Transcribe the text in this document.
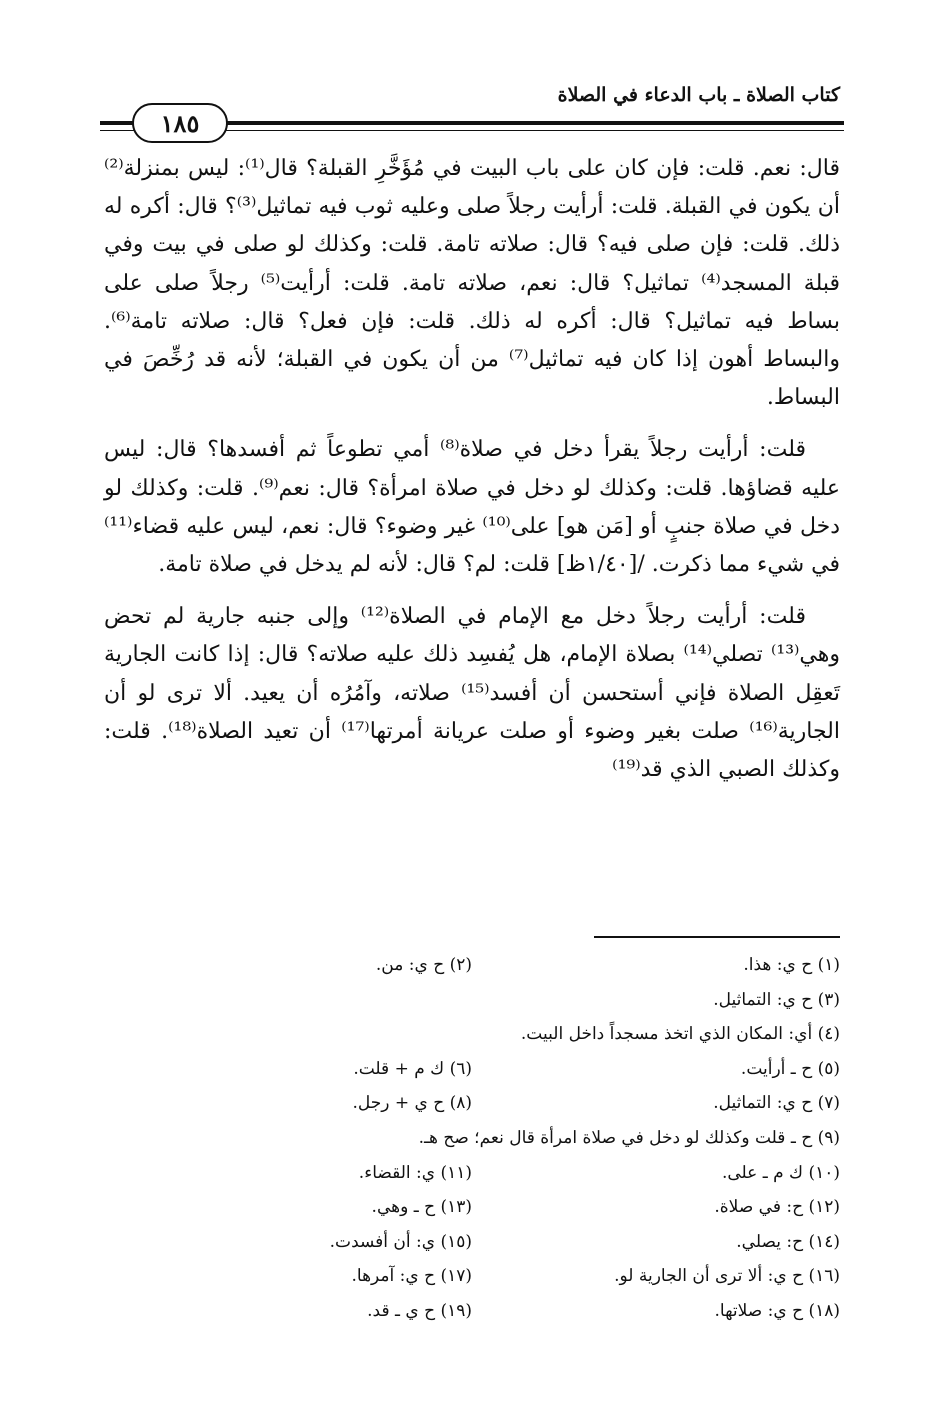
كتاب الصلاة ـ باب الدعاء في الصلاة
١٨٥

قال: نعم. قلت: فإن كان على باب البيت في مُؤَخَّرِ القبلة؟ قال⁽¹⁾: ليس بمنزلة⁽²⁾ أن يكون في القبلة. قلت: أرأيت رجلاً صلى وعليه ثوب فيه تماثيل⁽³⁾؟ قال: أكره له ذلك. قلت: فإن صلى فيه؟ قال: صلاته تامة. قلت: وكذلك لو صلى في بيت وفي قبلة المسجد⁽⁴⁾ تماثيل؟ قال: نعم، صلاته تامة. قلت: أرأيت⁽⁵⁾ رجلاً صلى على بساط فيه تماثيل؟ قال: أكره له ذلك. قلت: فإن فعل؟ قال: صلاته تامة⁽⁶⁾. والبساط أهون إذا كان فيه تماثيل⁽⁷⁾ من أن يكون في القبلة؛ لأنه قد رُخِّصَ في البساط.

قلت: أرأيت رجلاً يقرأ دخل في صلاة⁽⁸⁾ أمي تطوعاً ثم أفسدها؟ قال: ليس عليه قضاؤها. قلت: وكذلك لو دخل في صلاة امرأة؟ قال: نعم⁽⁹⁾. قلت: وكذلك لو دخل في صلاة جنبٍ أو [مَن هو] على⁽¹⁰⁾ غير وضوء؟ قال: نعم، ليس عليه قضاء⁽¹¹⁾ في شيء مما ذكرت. /[١/٤٠ظ] قلت: لم؟ قال: لأنه لم يدخل في صلاة تامة.

قلت: أرأيت رجلاً دخل مع الإمام في الصلاة⁽¹²⁾ وإلى جنبه جارية لم تحض وهي⁽¹³⁾ تصلي⁽¹⁴⁾ بصلاة الإمام، هل يُفسِد ذلك عليه صلاته؟ قال: إذا كانت الجارية تَعقِل الصلاة فإني أستحسن أن أفسد⁽¹⁵⁾ صلاته، وآمُرُه أن يعيد. ألا ترى لو أن الجارية⁽¹⁶⁾ صلت بغير وضوء أو صلت عريانة أمرتها⁽¹⁷⁾ أن تعيد الصلاة⁽¹⁸⁾. قلت: وكذلك الصبي الذي قد⁽¹⁹⁾

(١) ح ي: هذا.
(٢) ح ي: من.
(٣) ح ي: التماثيل.
(٤) أي: المكان الذي اتخذ مسجداً داخل البيت.
(٥) ح ـ أرأيت.
(٦) ك م + قلت.
(٧) ح ي: التماثيل.
(٨) ح ي + رجل.
(٩) ح ـ قلت وكذلك لو دخل في صلاة امرأة قال نعم؛ صح هـ.
(١٠) ك م ـ على.
(١١) ي: القضاء.
(١٢) ح: في صلاة.
(١٣) ح ـ وهي.
(١٤) ح: يصلي.
(١٥) ي: أن أفسدت.
(١٦) ح ي: ألا ترى أن الجارية لو.
(١٧) ح ي: آمرها.
(١٨) ح ي: صلاتها.
(١٩) ح ي ـ قد.
